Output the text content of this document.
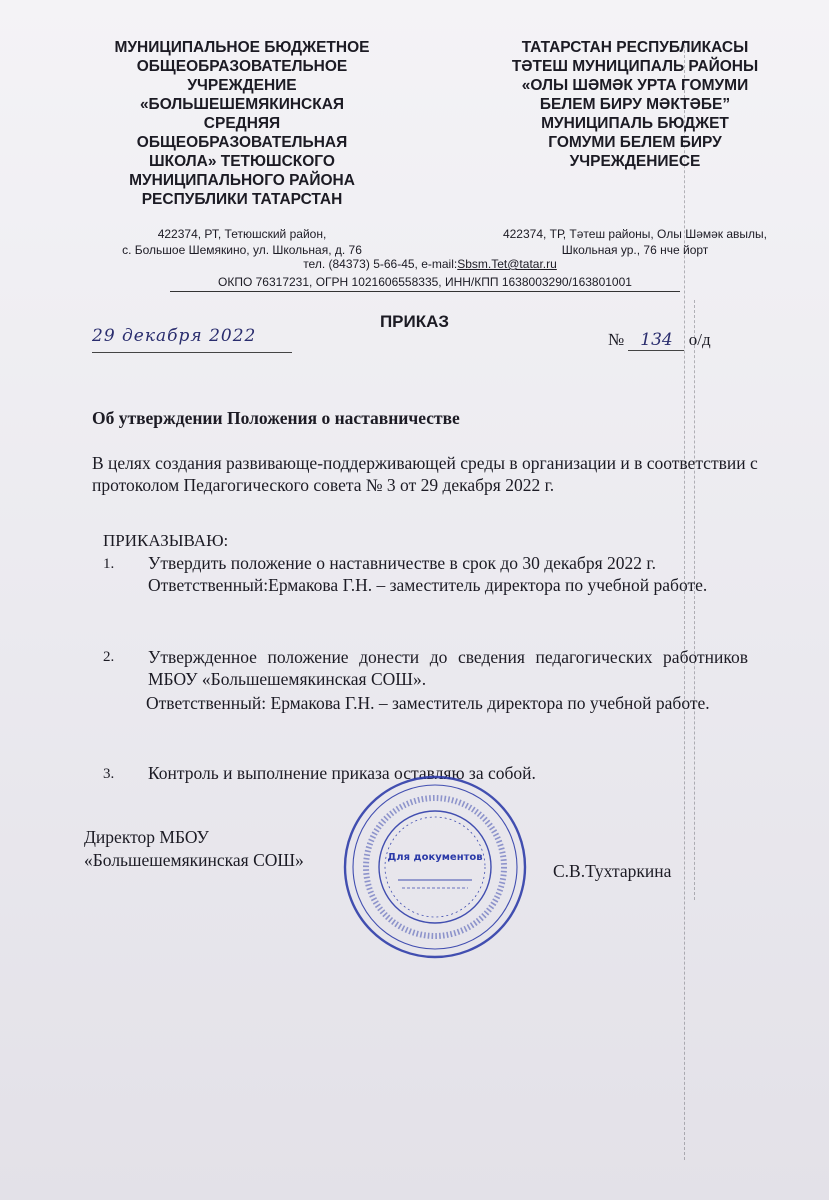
МУНИЦИПАЛЬНОЕ БЮДЖЕТНОЕ
ОБЩЕОБРАЗОВАТЕЛЬНОЕ
УЧРЕЖДЕНИЕ
«БОЛЬШЕШЕМЯКИНСКАЯ
СРЕДНЯЯ
ОБЩЕОБРАЗОВАТЕЛЬНАЯ
ШКОЛА» ТЕТЮШСКОГО
МУНИЦИПАЛЬНОГО РАЙОНА
РЕСПУБЛИКИ ТАТАРСТАН
ТАТАРСТАН РЕСПУБЛИКАСЫ
ТӘТЕШ МУНИЦИПАЛЬ РАЙОНЫ
«ОЛЫ ШӘМӘК УРТА ГОМУМИ
БЕЛЕМ БИРУ МӘКТӘБЕ”
МУНИЦИПАЛЬ БЮДЖЕТ
ГОМУМИ БЕЛЕМ БИРУ
УЧРЕЖДЕНИЕСЕ
422374, РТ, Тетюшский район,
с. Большое Шемякино, ул. Школьная, д. 76
422374, ТР, Тәтеш районы, Олы Шәмәк авылы,
Школьная ур., 76 нче йорт
тел. (84373) 5-66-45, e-mail:Sbsm.Tet@tatar.ru
ОКПО 76317231, ОГРН 1021606558335, ИНН/КПП 1638003290/163801001
ПРИКАЗ
29 декабря 2022	№ 134 о/д
Об утверждении Положения о наставничестве
В целях создания развивающе-поддерживающей среды в организации и в соответствии с протоколом Педагогического совета № 3 от 29 декабря 2022 г.
ПРИКАЗЫВАЮ:
1. Утвердить положение о наставничестве в срок до 30 декабря 2022 г.
Ответственный:Ермакова Г.Н. – заместитель директора по учебной работе.
2. Утвержденное положение донести до сведения педагогических работников МБОУ «Большешемякинская СОШ».
Ответственный: Ермакова Г.Н. – заместитель директора по учебной работе.
3. Контроль и выполнение приказа оставляю за собой.
Директор МБОУ
«Большешемякинская СОШ»
С.В.Тухтаркина
Для документов
